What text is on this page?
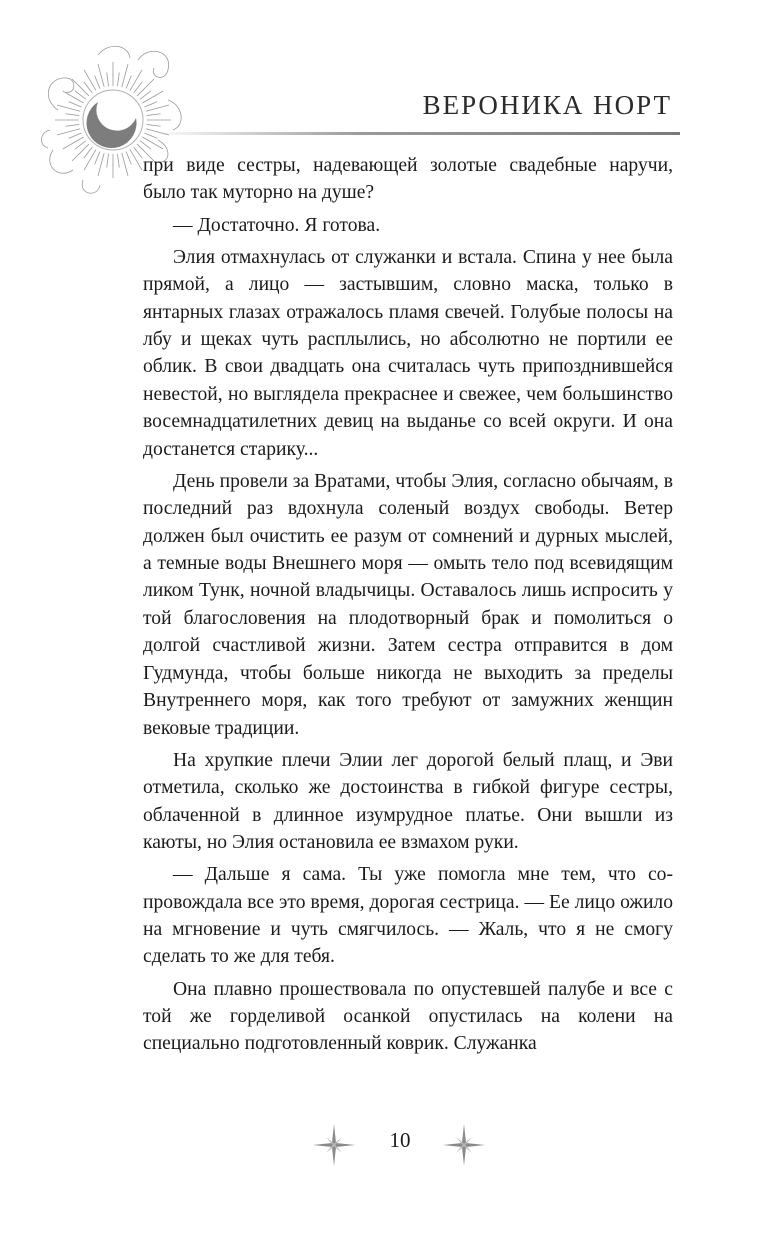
ВЕРОНИКА НОРТ

при виде сестры, надевающей золотые свадебные наручи, было так муторно на душе?

— Достаточно. Я готова.

Элия отмахнулась от служанки и встала. Спина у нее была прямой, а лицо — застывшим, словно маска, только в янтарных глазах отражалось пламя свечей. Голубые полосы на лбу и щеках чуть расплылись, но абсолютно не портили ее облик. В свои двадцать она считалась чуть припозднившейся невестой, но выглядела прекраснее и свежее, чем большинство восемнадцатилетних девиц на выданье со всей округи. И она достанется старику...

День провели за Вратами, чтобы Элия, согласно обычаям, в последний раз вдохнула соленый воздух свободы. Ветер должен был очистить ее разум от сомнений и дурных мыслей, а темные воды Внешнего моря — омыть тело под всевидящим ликом Тунк, ночной владычицы. Оставалось лишь испросить у той благословения на плодотворный брак и помолиться о долгой счастливой жизни. Затем сестра отправится в дом Гудмунда, чтобы больше никогда не выходить за пределы Внутреннего моря, как того требуют от замужних женщин вековые традиции.

На хрупкие плечи Элии лег дорогой белый плащ, и Эви отметила, сколько же достоинства в гибкой фигуре сестры, облаченной в длинное изумрудное платье. Они вышли из каюты, но Элия остановила ее взмахом руки.

— Дальше я сама. Ты уже помогла мне тем, что сопровождала все это время, дорогая сестрица. — Ее лицо ожило на мгновение и чуть смягчилось. — Жаль, что я не смогу сделать то же для тебя.

Она плавно прошествовала по опустевшей палубе и все с той же горделивой осанкой опустилась на колени на специально подготовленный коврик. Служанка

10
